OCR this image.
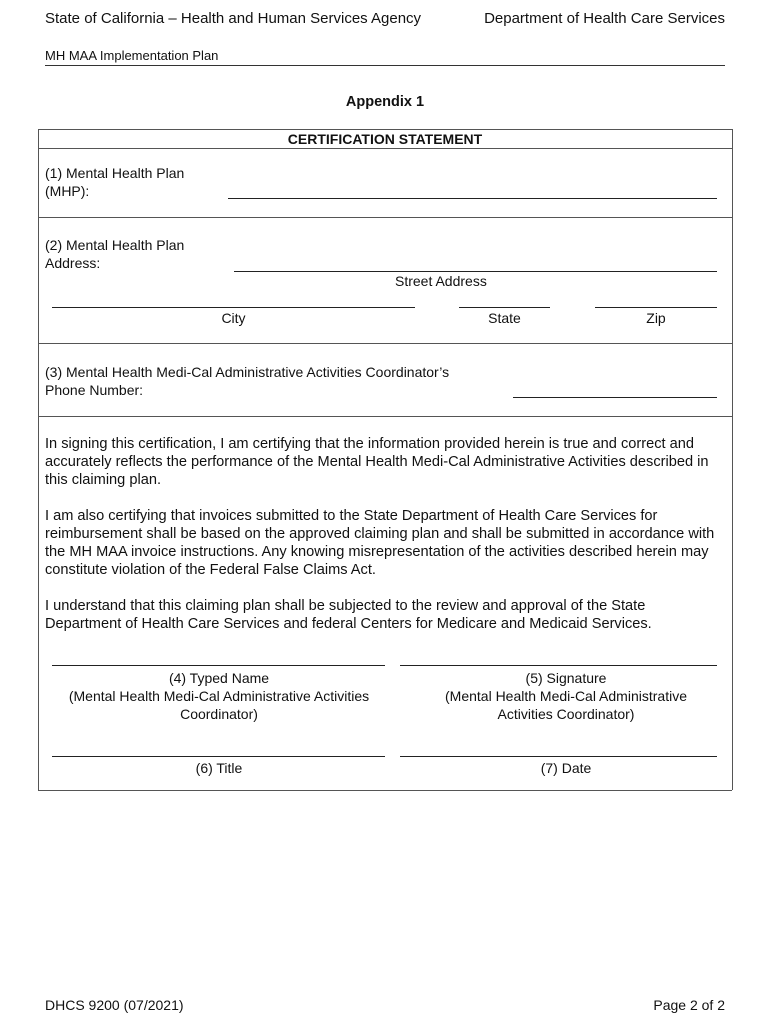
State of California – Health and Human Services Agency	Department of Health Care Services
MH MAA Implementation Plan
Appendix 1
CERTIFICATION STATEMENT
(1) Mental Health Plan
(MHP):
(2) Mental Health Plan
Address:
Street Address
City	State	Zip
(3) Mental Health Medi-Cal Administrative Activities Coordinator’s
Phone Number:
In signing this certification, I am certifying that the information provided herein is true and correct and accurately reflects the performance of the Mental Health Medi-Cal Administrative Activities described in this claiming plan.
I am also certifying that invoices submitted to the State Department of Health Care Services for reimbursement shall be based on the approved claiming plan and shall be submitted in accordance with the MH MAA invoice instructions. Any knowing misrepresentation of the activities described herein may constitute violation of the Federal False Claims Act.
I understand that this claiming plan shall be subjected to the review and approval of the State Department of Health Care Services and federal Centers for Medicare and Medicaid Services.
(4) Typed Name
(Mental Health Medi-Cal Administrative Activities
Coordinator)
(5) Signature
(Mental Health Medi-Cal Administrative
Activities Coordinator)
(6) Title	(7) Date
DHCS 9200 (07/2021)	Page 2 of 2
